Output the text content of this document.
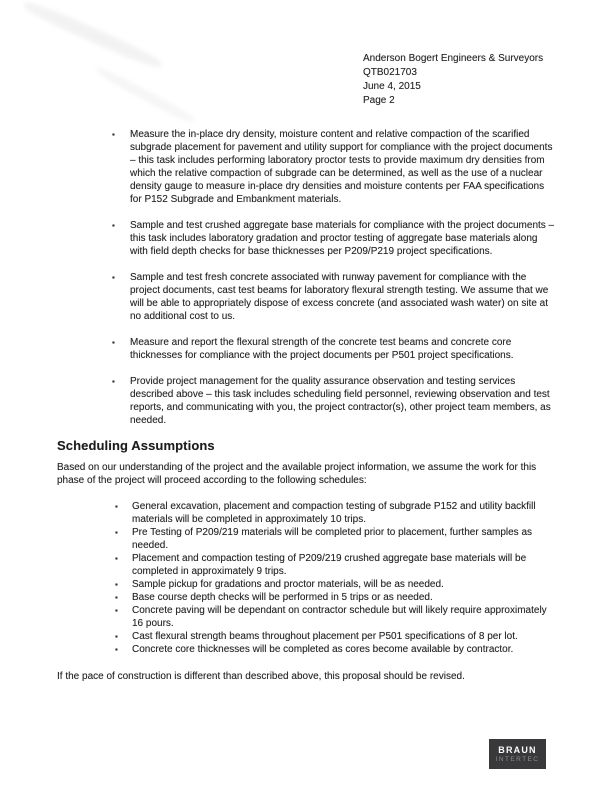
Anderson Bogert Engineers & Surveyors
QTB021703
June 4, 2015
Page 2
▪ Measure the in-place dry density, moisture content and relative compaction of the scarified subgrade placement for pavement and utility support for compliance with the project documents – this task includes performing laboratory proctor tests to provide maximum dry densities from which the relative compaction of subgrade can be determined, as well as the use of a nuclear density gauge to measure in-place dry densities and moisture contents per FAA specifications for P152 Subgrade and Embankment materials.
▪ Sample and test crushed aggregate base materials for compliance with the project documents – this task includes laboratory gradation and proctor testing of aggregate base materials along with field depth checks for base thicknesses per P209/P219 project specifications.
▪ Sample and test fresh concrete associated with runway pavement for compliance with the project documents, cast test beams for laboratory flexural strength testing. We assume that we will be able to appropriately dispose of excess concrete (and associated wash water) on site at no additional cost to us.
▪ Measure and report the flexural strength of the concrete test beams and concrete core thicknesses for compliance with the project documents per P501 project specifications.
▪ Provide project management for the quality assurance observation and testing services described above – this task includes scheduling field personnel, reviewing observation and test reports, and communicating with you, the project contractor(s), other project team members, as needed.
Scheduling Assumptions

Based on our understanding of the project and the available project information, we assume the work for this phase of the project will proceed according to the following schedules:

▪ General excavation, placement and compaction testing of subgrade P152 and utility backfill materials will be completed in approximately 10 trips.
▪ Pre Testing of P209/219 materials will be completed prior to placement, further samples as needed.
▪ Placement and compaction testing of P209/219 crushed aggregate base materials will be completed in approximately 9 trips.
▪ Sample pickup for gradations and proctor materials, will be as needed.
▪ Base course depth checks will be performed in 5 trips or as needed.
▪ Concrete paving will be dependant on contractor schedule but will likely require approximately 16 pours.
▪ Cast flexural strength beams throughout placement per P501 specifications of 8 per lot.
▪ Concrete core thicknesses will be completed as cores become available by contractor.

If the pace of construction is different than described above, this proposal should be revised.

BRAUN
INTERTEC
